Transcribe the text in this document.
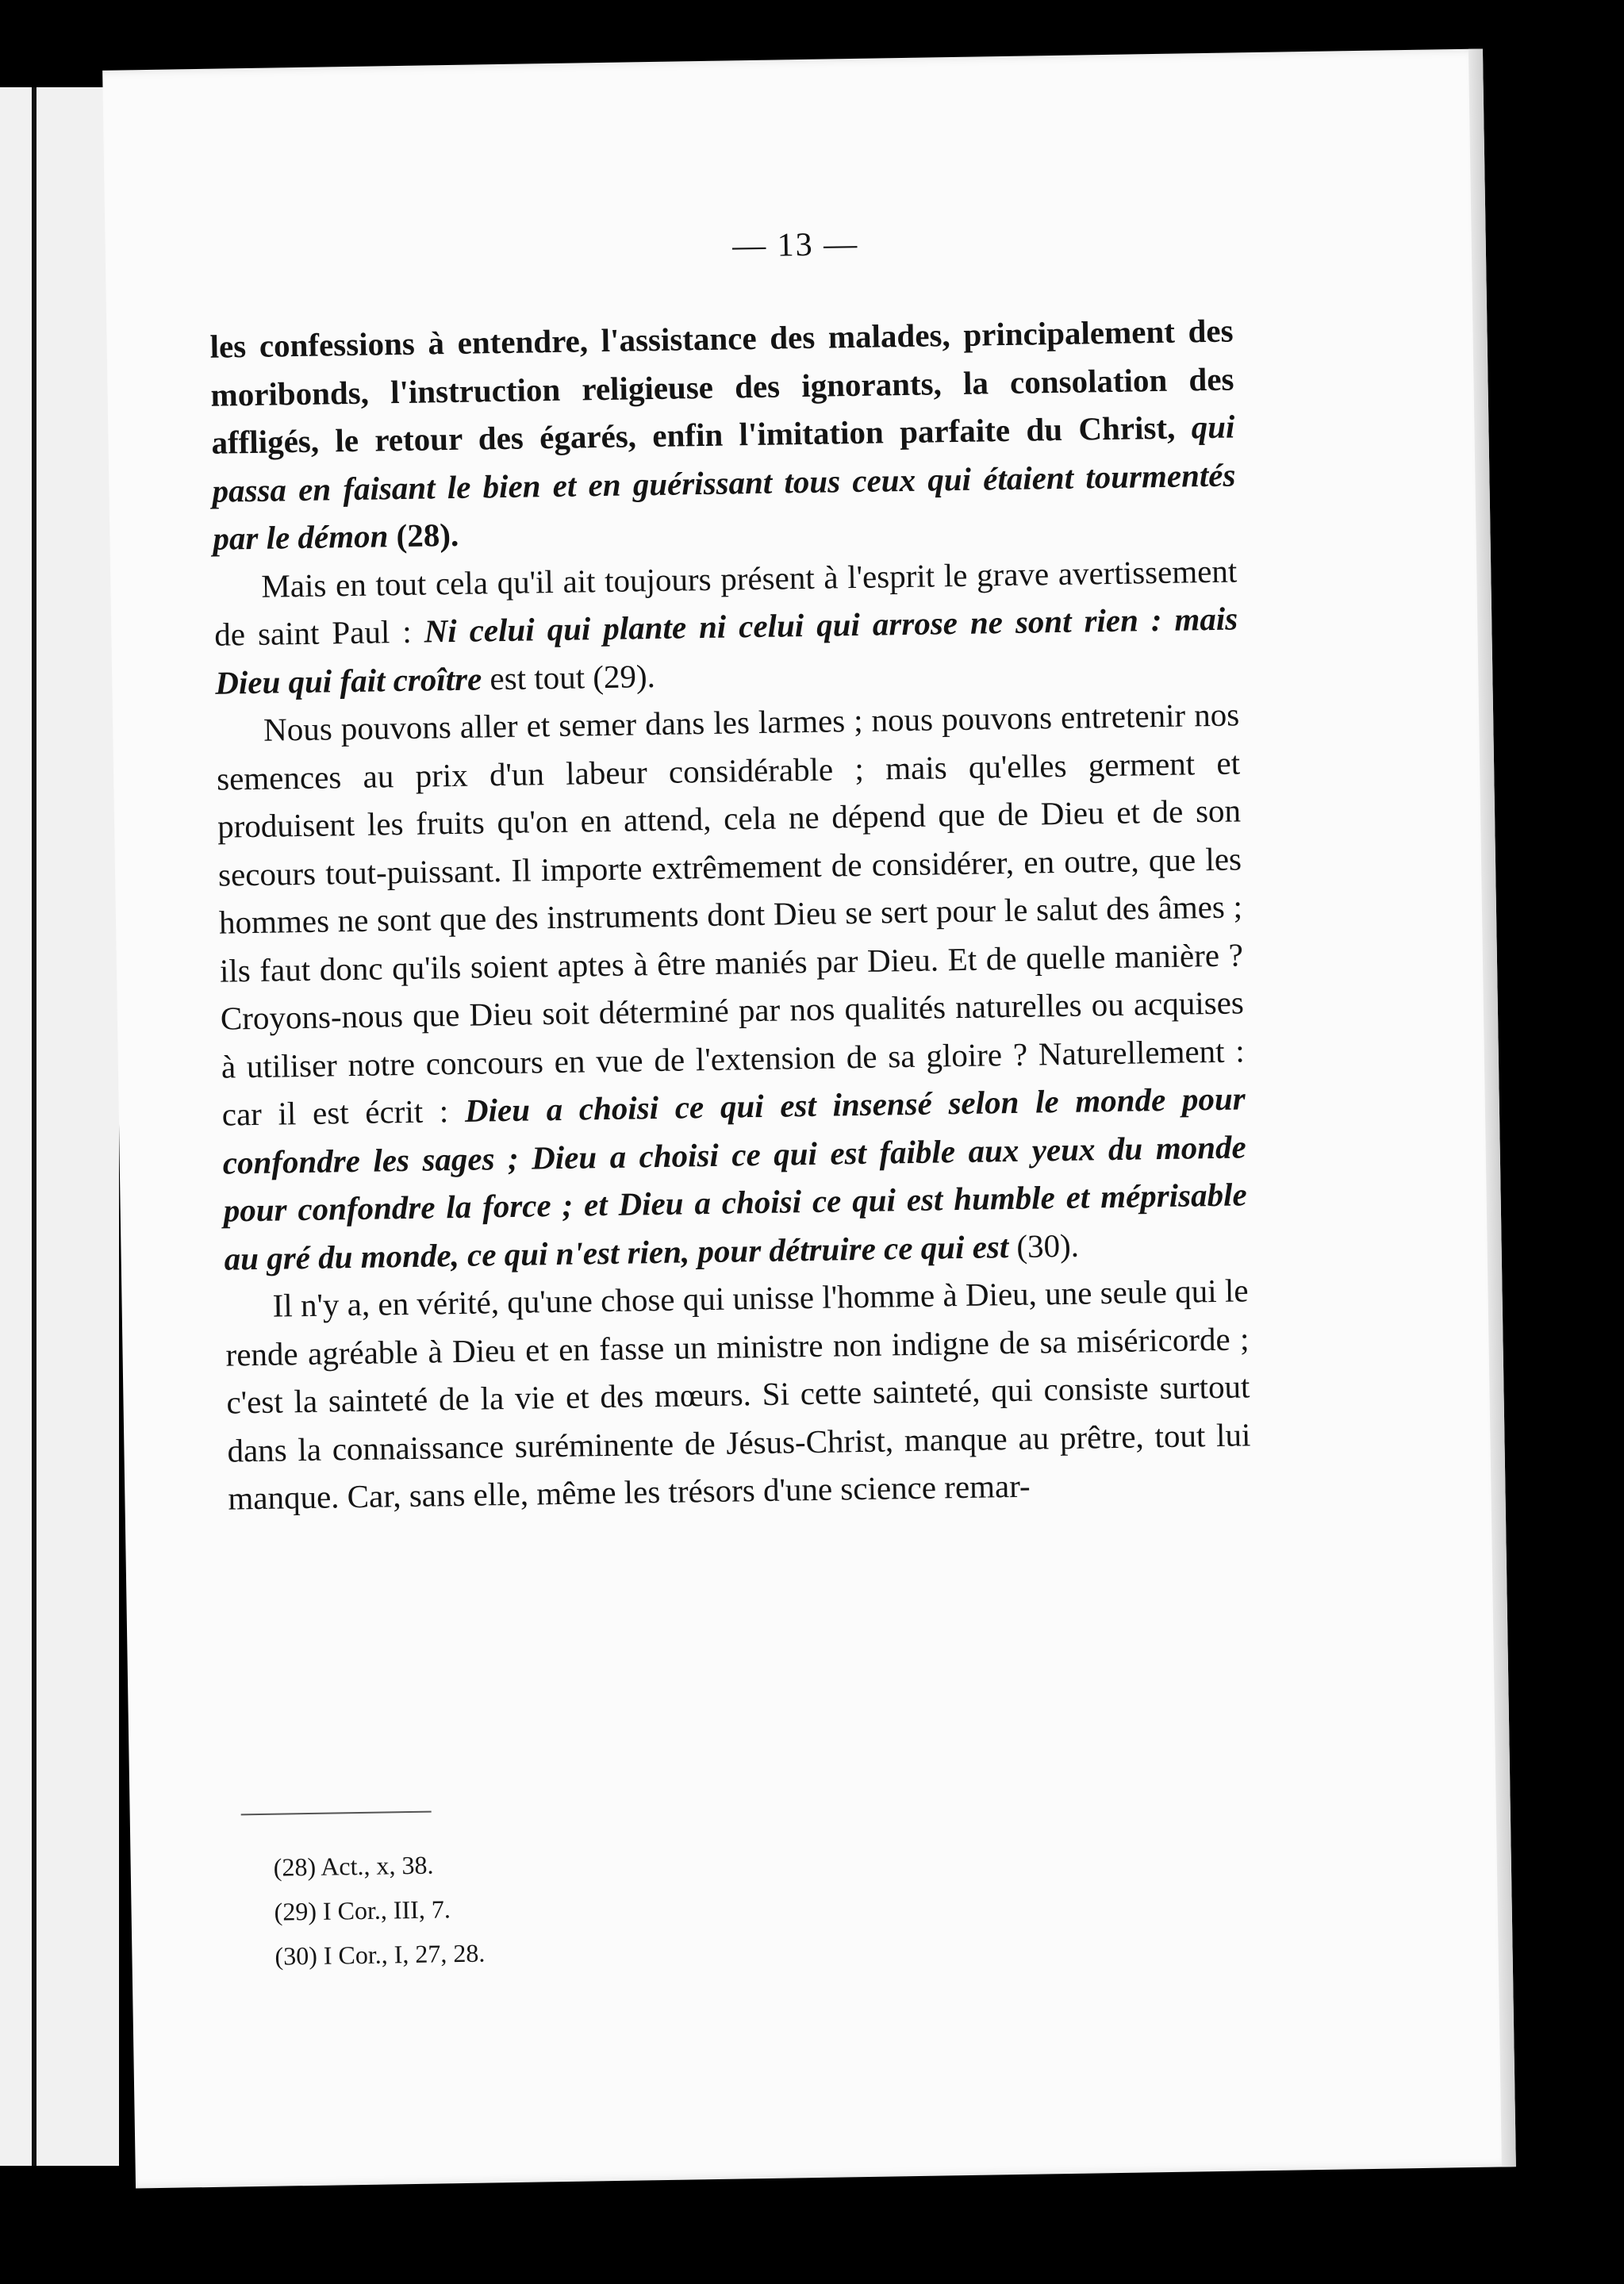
— 13 —

les confessions à entendre, l'assistance des malades, principalement des moribonds, l'instruction religieuse des ignorants, la consolation des affligés, le retour des égarés, enfin l'imitation parfaite du Christ, qui passa en faisant le bien et en guérissant tous ceux qui étaient tourmentés par le démon (28).

Mais en tout cela qu'il ait toujours présent à l'esprit le grave avertissement de saint Paul : Ni celui qui plante ni celui qui arrose ne sont rien : mais Dieu qui fait croître est tout (29).

Nous pouvons aller et semer dans les larmes ; nous pouvons entretenir nos semences au prix d'un labeur considérable ; mais qu'elles germent et produisent les fruits qu'on en attend, cela ne dépend que de Dieu et de son secours tout-puissant. Il importe extrêmement de considérer, en outre, que les hommes ne sont que des instruments dont Dieu se sert pour le salut des âmes ; ils faut donc qu'ils soient aptes à être maniés par Dieu. Et de quelle manière ? Croyons-nous que Dieu soit déterminé par nos qualités naturelles ou acquises à utiliser notre concours en vue de l'extension de sa gloire ? Naturellement : car il est écrit : Dieu a choisi ce qui est insensé selon le monde pour confondre les sages ; Dieu a choisi ce qui est faible aux yeux du monde pour confondre la force ; et Dieu a choisi ce qui est humble et méprisable au gré du monde, ce qui n'est rien, pour détruire ce qui est (30).

Il n'y a, en vérité, qu'une chose qui unisse l'homme à Dieu, une seule qui le rende agréable à Dieu et en fasse un ministre non indigne de sa miséricorde ; c'est la sainteté de la vie et des mœurs. Si cette sainteté, qui consiste surtout dans la connaissance suréminente de Jésus-Christ, manque au prêtre, tout lui manque. Car, sans elle, même les trésors d'une science remar-

(28) Act., x, 38.
(29) I Cor., III, 7.
(30) I Cor., I, 27, 28.
